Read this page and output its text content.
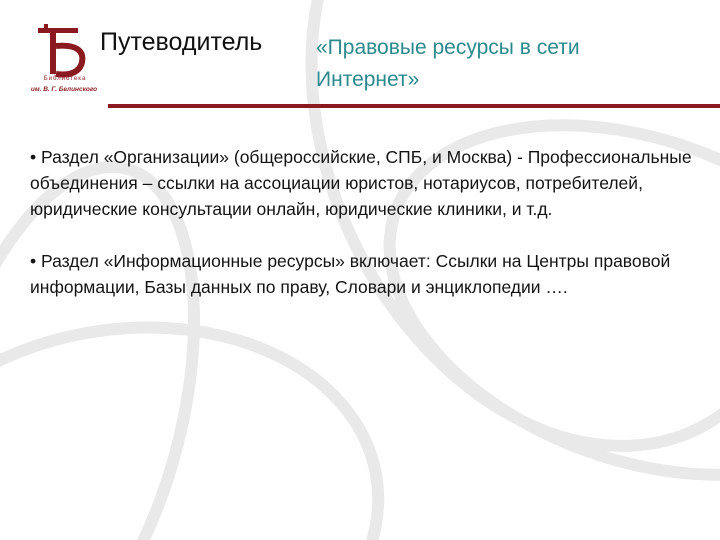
Библиотека
им. В. Г. Белинского
Путеводитель	«Правовые ресурсы в сети Интернет»

• Раздел «Организации» (общероссийские, СПБ, и Москва) - Профессиональные объединения – ссылки на ассоциации юристов, нотариусов, потребителей, юридические консультации онлайн, юридические клиники, и т.д.

• Раздел «Информационные ресурсы» включает: Ссылки на Центры правовой информации, Базы данных по праву, Словари и энциклопедии ….
